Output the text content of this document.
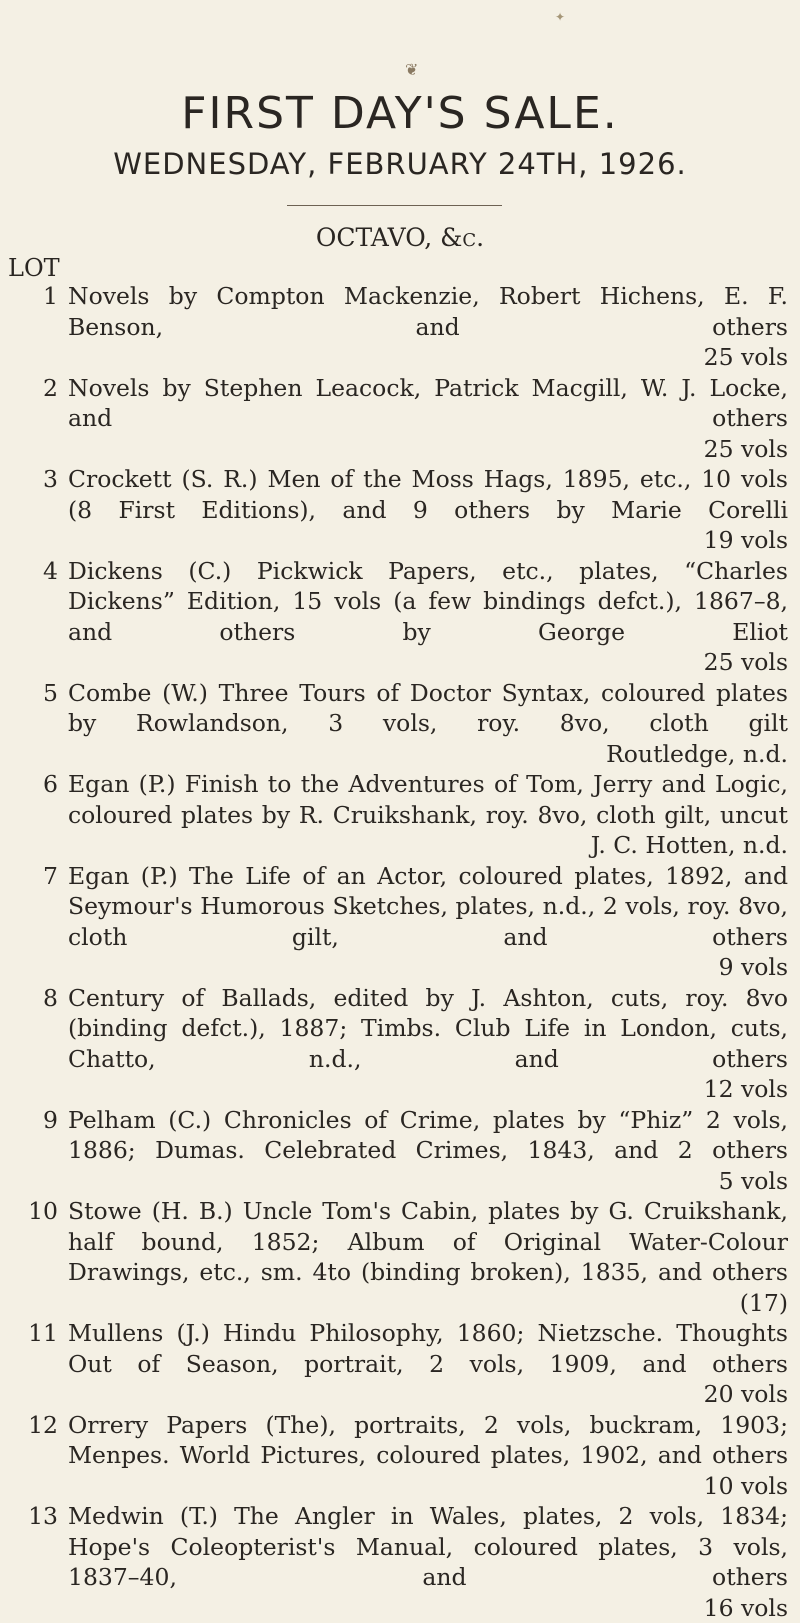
✦
❦
FIRST DAY'S SALE.
WEDNESDAY, FEBRUARY 24TH, 1926.
OCTAVO, &c.
LOT
1 Novels by Compton Mackenzie, Robert Hichens, E. F. Benson, and others
25 vols
2 Novels by Stephen Leacock, Patrick Macgill, W. J. Locke, and others
25 vols
3 Crockett (S. R.) Men of the Moss Hags, 1895, etc., 10 vols (8 First Editions), and 9 others by Marie Corelli
19 vols
4 Dickens (C.) Pickwick Papers, etc., plates, “Charles Dickens” Edition, 15 vols (a few bindings defct.), 1867–8, and others by George Eliot
25 vols
5 Combe (W.) Three Tours of Doctor Syntax, coloured plates by Rowlandson, 3 vols, roy. 8vo, cloth gilt
Routledge, n.d.
6 Egan (P.) Finish to the Adventures of Tom, Jerry and Logic, coloured plates by R. Cruikshank, roy. 8vo, cloth gilt, uncut
J. C. Hotten, n.d.
7 Egan (P.) The Life of an Actor, coloured plates, 1892, and Seymour's Humorous Sketches, plates, n.d., 2 vols, roy. 8vo, cloth gilt, and others
9 vols
8 Century of Ballads, edited by J. Ashton, cuts, roy. 8vo (binding defct.), 1887; Timbs. Club Life in London, cuts, Chatto, n.d., and others
12 vols
9 Pelham (C.) Chronicles of Crime, plates by “Phiz” 2 vols, 1886; Dumas. Celebrated Crimes, 1843, and 2 others
5 vols
10 Stowe (H. B.) Uncle Tom's Cabin, plates by G. Cruikshank, half bound, 1852; Album of Original Water-Colour Drawings, etc., sm. 4to (binding broken), 1835, and others
(17)
11 Mullens (J.) Hindu Philosophy, 1860; Nietzsche. Thoughts Out of Season, portrait, 2 vols, 1909, and others
20 vols
12 Orrery Papers (The), portraits, 2 vols, buckram, 1903; Menpes. World Pictures, coloured plates, 1902, and others
10 vols
13 Medwin (T.) The Angler in Wales, plates, 2 vols, 1834; Hope's Coleopterist's Manual, coloured plates, 3 vols, 1837–40, and others
16 vols
